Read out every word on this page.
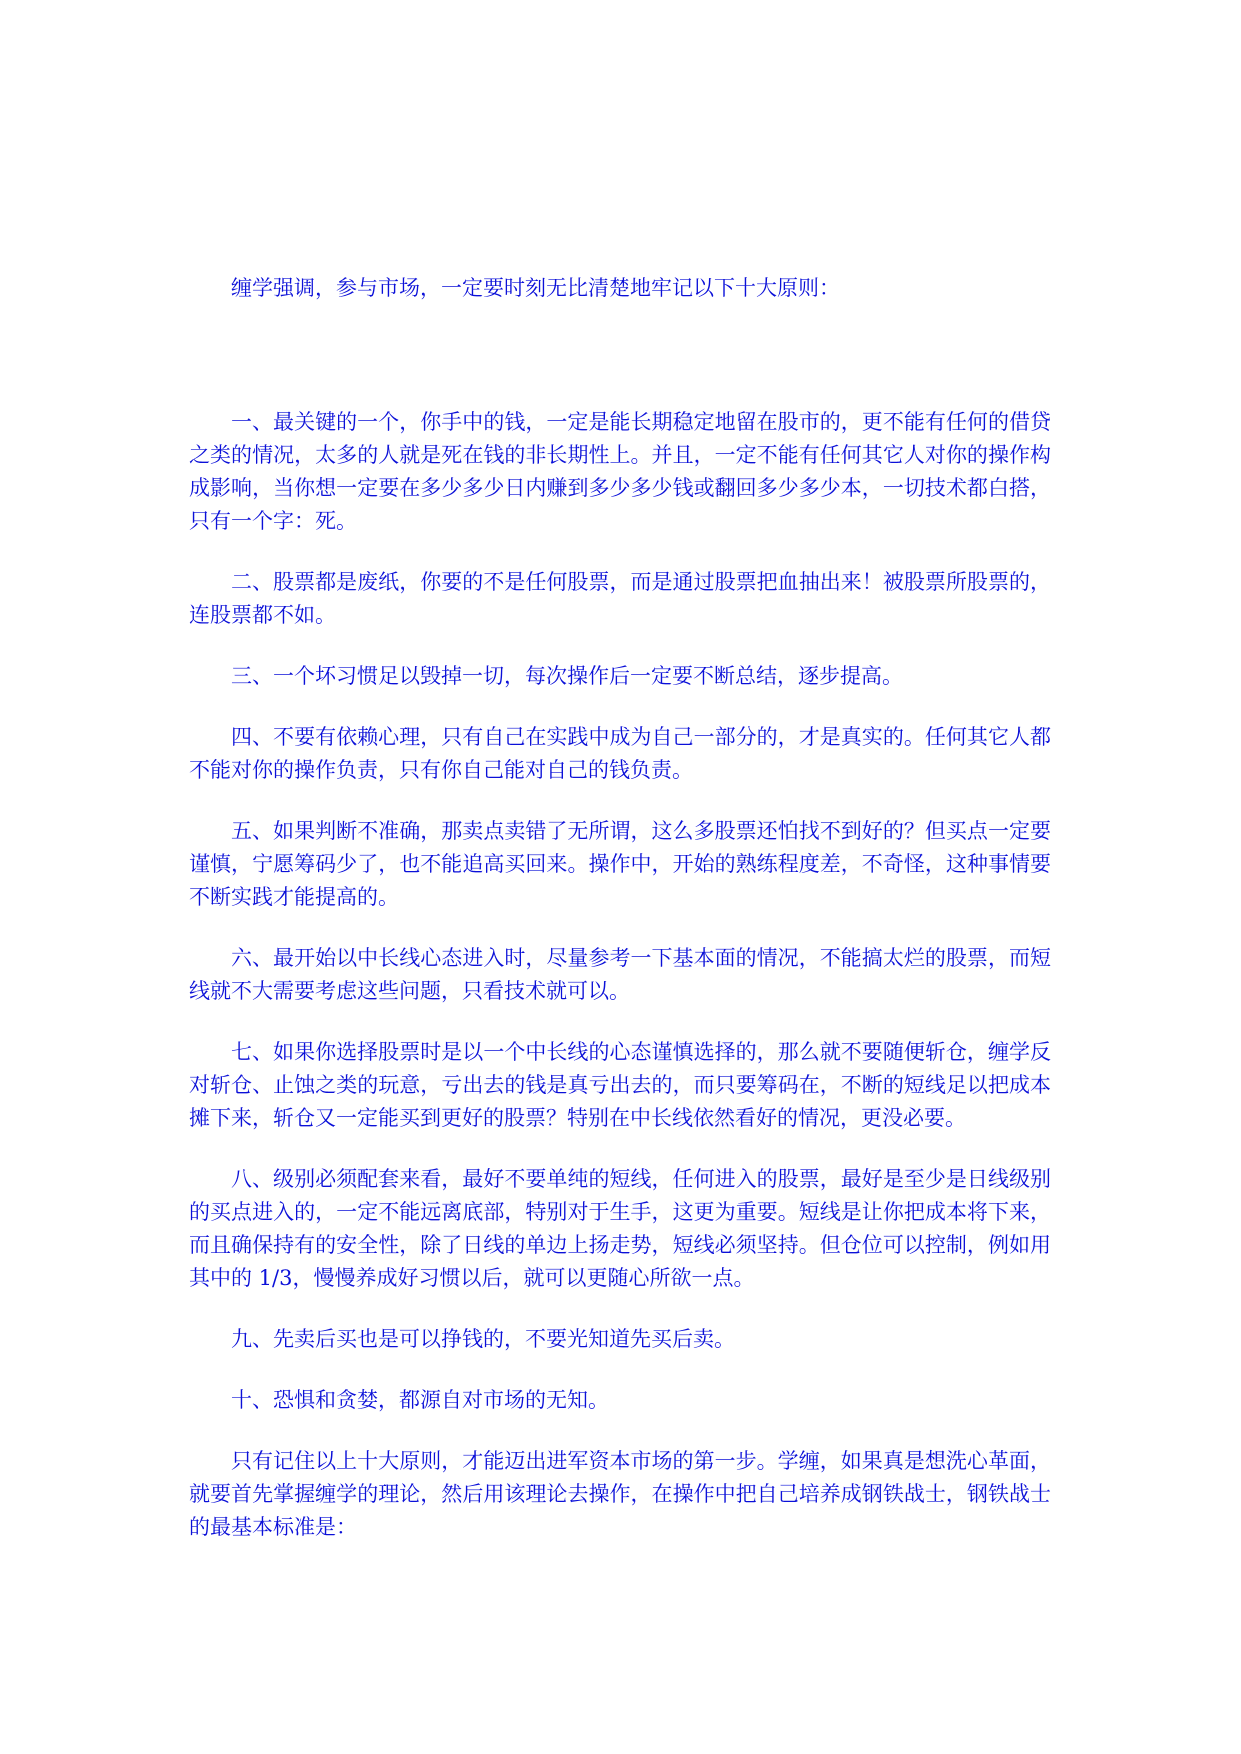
缠学强调，参与市场，一定要时刻无比清楚地牢记以下十大原则：

一、最关键的一个，你手中的钱，一定是能长期稳定地留在股市的，更不能有任何的借贷之类的情况，太多的人就是死在钱的非长期性上。并且，一定不能有任何其它人对你的操作构成影响，当你想一定要在多少多少日内赚到多少多少钱或翻回多少多少本，一切技术都白搭，只有一个字：死。

二、股票都是废纸，你要的不是任何股票，而是通过股票把血抽出来！被股票所股票的，连股票都不如。

三、一个坏习惯足以毁掉一切，每次操作后一定要不断总结，逐步提高。

四、不要有依赖心理，只有自己在实践中成为自己一部分的，才是真实的。任何其它人都不能对你的操作负责，只有你自己能对自己的钱负责。

五、如果判断不准确，那卖点卖错了无所谓，这么多股票还怕找不到好的？但买点一定要谨慎，宁愿筹码少了，也不能追高买回来。操作中，开始的熟练程度差，不奇怪，这种事情要不断实践才能提高的。

六、最开始以中长线心态进入时，尽量参考一下基本面的情况，不能搞太烂的股票，而短线就不大需要考虑这些问题，只看技术就可以。

七、如果你选择股票时是以一个中长线的心态谨慎选择的，那么就不要随便斩仓，缠学反对斩仓、止蚀之类的玩意，亏出去的钱是真亏出去的，而只要筹码在，不断的短线足以把成本摊下来，斩仓又一定能买到更好的股票？特别在中长线依然看好的情况，更没必要。

八、级别必须配套来看，最好不要单纯的短线，任何进入的股票，最好是至少是日线级别的买点进入的，一定不能远离底部，特别对于生手，这更为重要。短线是让你把成本将下来，而且确保持有的安全性，除了日线的单边上扬走势，短线必须坚持。但仓位可以控制，例如用其中的 1/3，慢慢养成好习惯以后，就可以更随心所欲一点。

九、先卖后买也是可以挣钱的，不要光知道先买后卖。

十、恐惧和贪婪，都源自对市场的无知。

只有记住以上十大原则，才能迈出进军资本市场的第一步。学缠，如果真是想洗心革面，就要首先掌握缠学的理论，然后用该理论去操作，在操作中把自己培养成钢铁战士，钢铁战士的最基本标准是：
